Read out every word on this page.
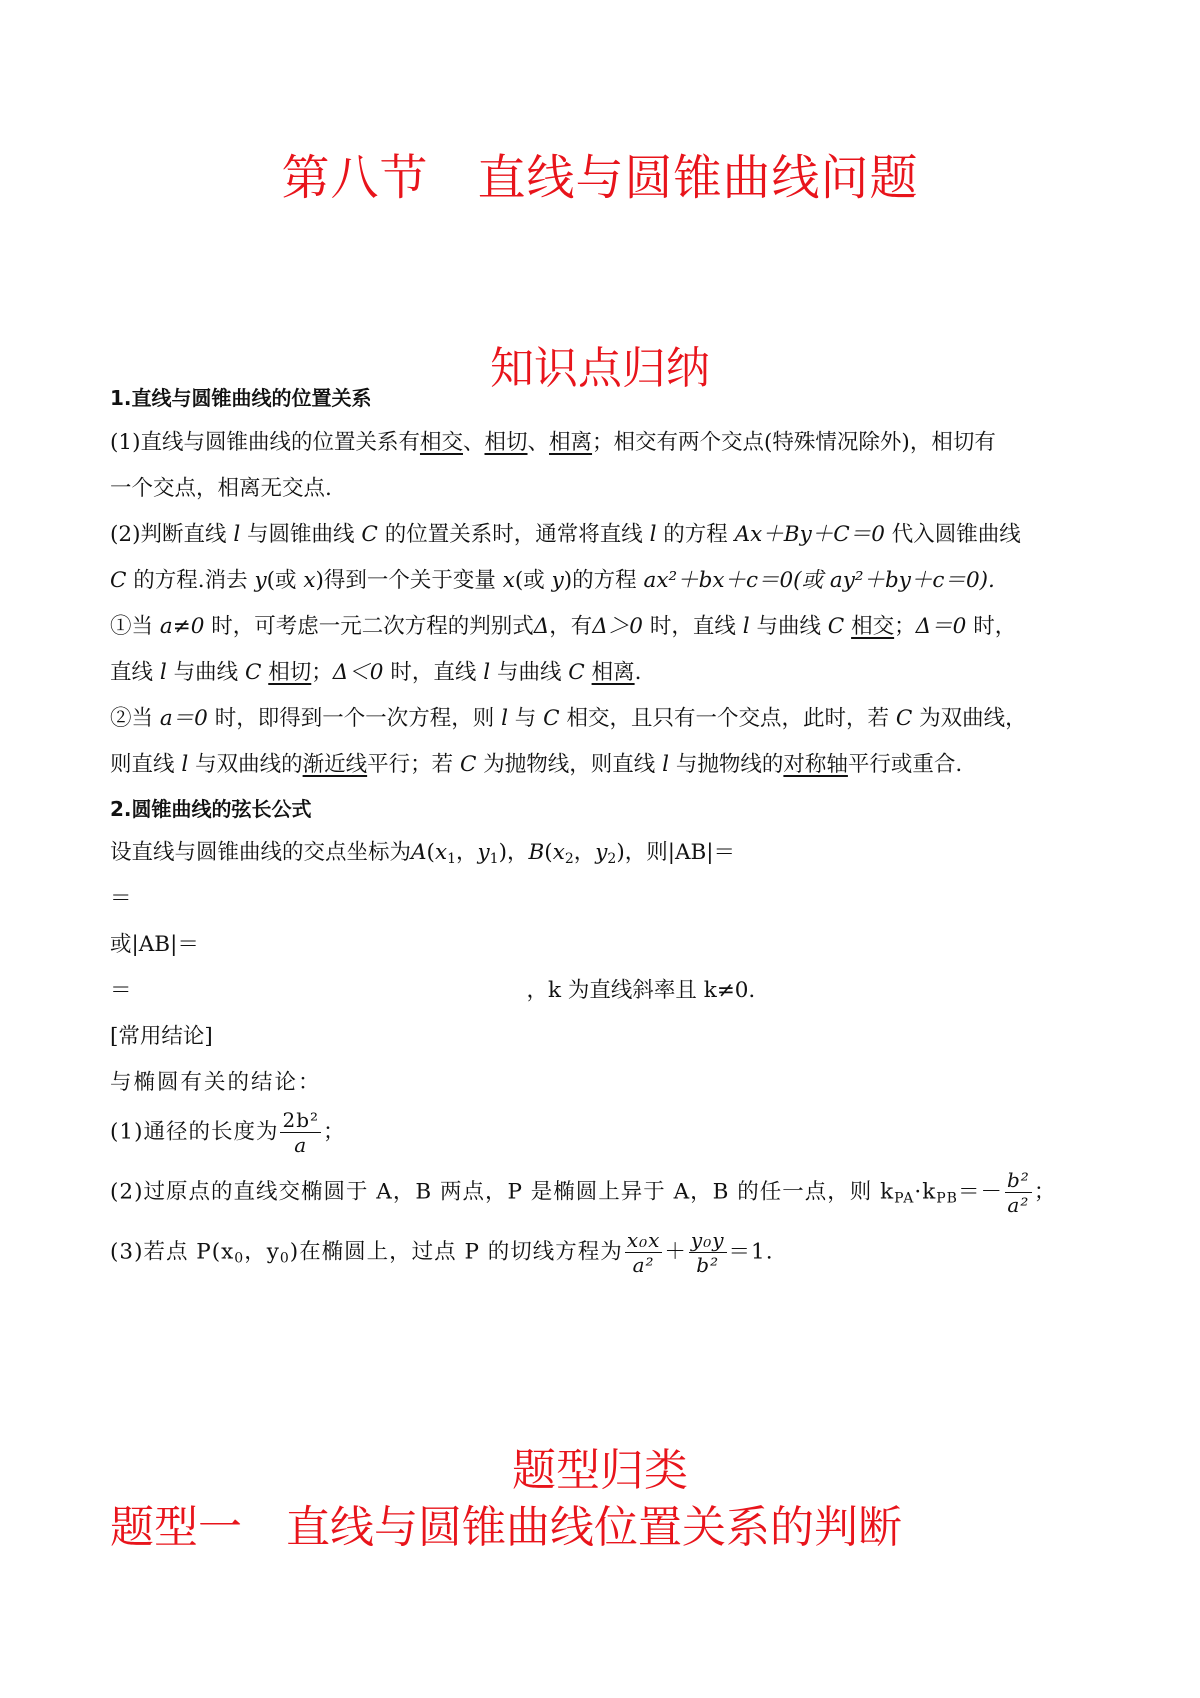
第八节　直线与圆锥曲线问题
知识点归纳
1.直线与圆锥曲线的位置关系
(1)直线与圆锥曲线的位置关系有相交、相切、相离；相交有两个交点(特殊情况除外)，相切有
一个交点，相离无交点.
(2)判断直线 l 与圆锥曲线 C 的位置关系时，通常将直线 l 的方程 Ax＋By＋C＝0 代入圆锥曲线
C 的方程.消去 y(或 x)得到一个关于变量 x(或 y)的方程 ax²＋bx＋c＝0(或 ay²＋by＋c＝0).
①当 a≠0 时，可考虑一元二次方程的判别式Δ，有Δ＞0 时，直线 l 与曲线 C 相交；Δ＝0 时，
直线 l 与曲线 C 相切；Δ＜0 时，直线 l 与曲线 C 相离.
②当 a＝0 时，即得到一个一次方程，则 l 与 C 相交，且只有一个交点，此时，若 C 为双曲线，
则直线 l 与双曲线的渐近线平行；若 C 为抛物线，则直线 l 与抛物线的对称轴平行或重合.
2.圆锥曲线的弦长公式
设直线与圆锥曲线的交点坐标为$A(x_1$，$y_1$)，$B(x_2$，$y_2$)，则|AB|＝
＝
或|AB|＝
＝	，k 为直线斜率且 k≠0.
[常用结论]
与椭圆有关的结论：
(1)通径的长度为 $\frac{\text{2b²}}{a}$ ；
(2)过原点的直线交椭圆于 A，B 两点，P 是椭圆上异于 A，B 的任一点，则 $k_{PA}\cdot k_{PB}=- \frac{\text{b²}}{\text{a²}}$ ；
(3)若点 $P(x_0$，$y_0$)在椭圆上，过点 P 的切线方程为 $\frac{\text{x₀x}}{\text{a²}} + \frac{\text{y₀y}}{\text{b²}} =1$.
题型归类
题型一　直线与圆锥曲线位置关系的判断
